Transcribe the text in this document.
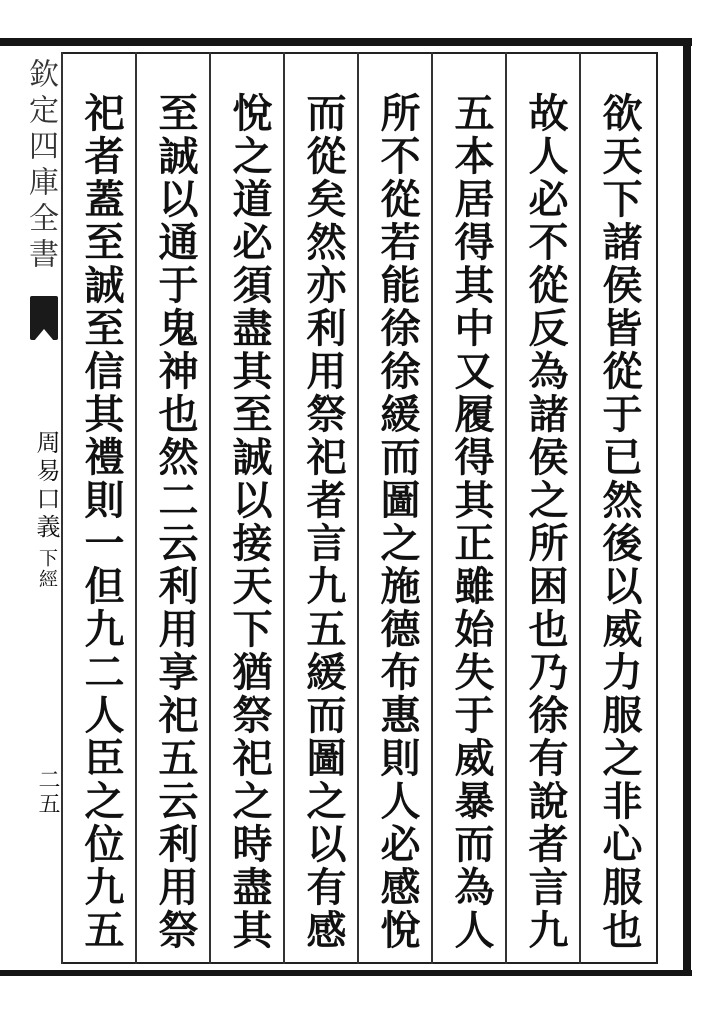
欲天下諸侯皆從于已然後以威力服之非心服也
故人必不從反為諸侯之所困也乃徐有說者言九
五本居得其中又履得其正雖始失于威暴而為人
所不從若能徐徐緩而圖之施德布惠則人必感悅
而從矣然亦利用祭祀者言九五緩而圖之以有感
悅之道必須盡其至誠以接天下猶祭祀之時盡其
至誠以通于鬼神也然二云利用享祀五云利用祭
祀者蓋至誠至信其禮則一但九二人臣之位九五
欽定四庫全書
周易口義
下經
二五
